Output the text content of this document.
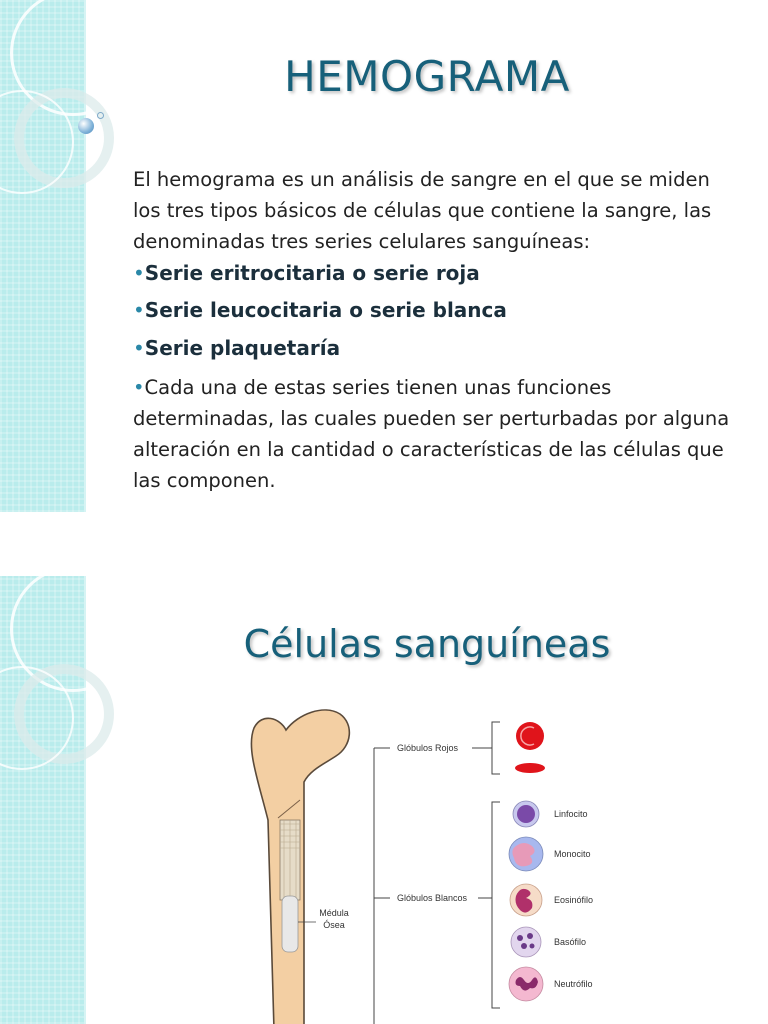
HEMOGRAMA
El hemograma es un análisis de sangre en el que se miden los tres tipos básicos de células que contiene la sangre, las denominadas tres series celulares sanguíneas:
•Serie eritrocitaria o serie roja
•Serie leucocitaria o serie blanca
•Serie plaquetaría
•Cada una de estas series tienen unas funciones determinadas, las cuales pueden ser perturbadas por alguna alteración en la cantidad o características de las células que las componen.
Células sanguíneas
Médula
Ósea
Glóbulos Rojos
Glóbulos Blancos
Linfocito
Monocito
Eosinófilo
Basófilo
Neutrófilo
